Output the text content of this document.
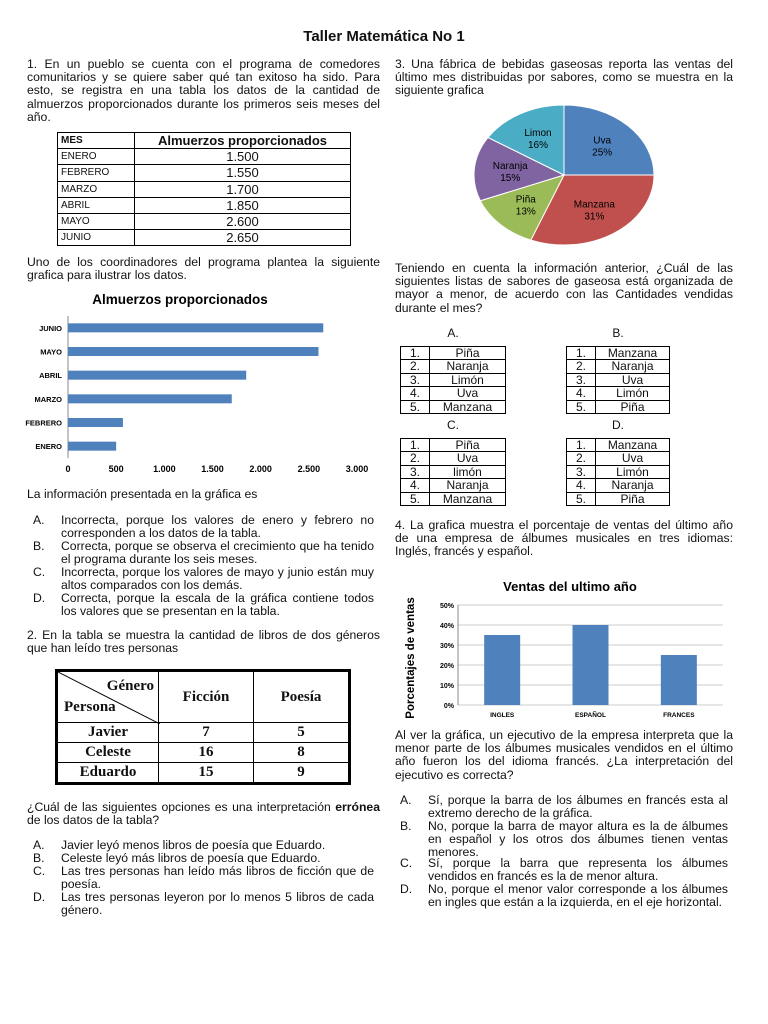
Taller Matemática No 1

1. En un pueblo se cuenta con el programa de comedores comunitarios y se quiere saber qué tan exitoso ha sido. Para esto, se registra en una tabla los datos de la cantidad de almuerzos proporcionados durante los primeros seis meses del año.

MES	Almuerzos proporcionados
ENERO	1.500
FEBRERO	1.550
MARZO	1.700
ABRIL	1.850
MAYO	2.600
JUNIO	2.650

Uno de los coordinadores del programa plantea la siguiente grafica para ilustrar los datos.

Almuerzos proporcionados
ENERO
FEBRERO
MARZO
ABRIL
MAYO
JUNIO
0	500	1.000	1.500	2.000	2.500	3.000

La información presentada en la gráfica es

A. Incorrecta, porque los valores de enero y febrero no corresponden a los datos de la tabla.
B. Correcta, porque se observa el crecimiento que ha tenido el programa durante los seis meses.
C. Incorrecta, porque los valores de mayo y junio están muy altos comparados con los demás.
D. Correcta, porque la escala de la gráfica contiene todos los valores que se presentan en la tabla.

2. En la tabla se muestra la cantidad de libros de dos géneros que han leído tres personas

Género
Persona	Ficción	Poesía
Javier	7	5
Celeste	16	8
Eduardo	15	9

¿Cuál de las siguientes opciones es una interpretación errónea de los datos de la tabla?

A. Javier leyó menos libros de poesía que Eduardo.
B. Celeste leyó más libros de poesía que Eduardo.
C. Las tres personas han leído más libros de ficción que de poesía.
D. Las tres personas leyeron por lo menos 5 libros de cada género.

3. Una fábrica de bebidas gaseosas reporta las ventas del último mes distribuidas por sabores, como se muestra en la siguiente grafica

Uva
25%
Manzana
31%
Piña
13%
Naranja
15%
Limon
16%

Teniendo en cuenta la información anterior, ¿Cuál de las siguientes listas de sabores de gaseosa está organizada de mayor a menor, de acuerdo con las Cantidades vendidas durante el mes?

A.
1.	Piña
2.	Naranja
3.	Limón
4.	Uva
5.	Manzana
B.
1.	Manzana
2.	Naranja
3.	Uva
4.	Limón
5.	Piña
C.
1.	Piña
2.	Uva
3.	limón
4.	Naranja
5.	Manzana
D.
1.	Manzana
2.	Uva
3.	Limón
4.	Naranja
5.	Piña

4. La grafica muestra el porcentaje de ventas del último año de una empresa de álbumes musicales en tres idiomas: Inglés, francés y español.

Ventas del ultimo año
Porcentajes de ventas	0%
10%
20%
30%
40%
50%
INGLES	ESPAÑOL	FRANCES

Al ver la gráfica, un ejecutivo de la empresa interpreta que la menor parte de los álbumes musicales vendidos en el último año fueron los del idioma francés. ¿La interpretación del ejecutivo es correcta?

A. Sí, porque la barra de los álbumes en francés esta al extremo derecho de la gráfica.
B. No, porque la barra de mayor altura es la de álbumes en español y los otros dos álbumes tienen ventas menores.
C. Sí, porque la barra que representa los álbumes vendidos en francés es la de menor altura.
D. No, porque el menor valor corresponde a los álbumes en ingles que están a la izquierda, en el eje horizontal.
